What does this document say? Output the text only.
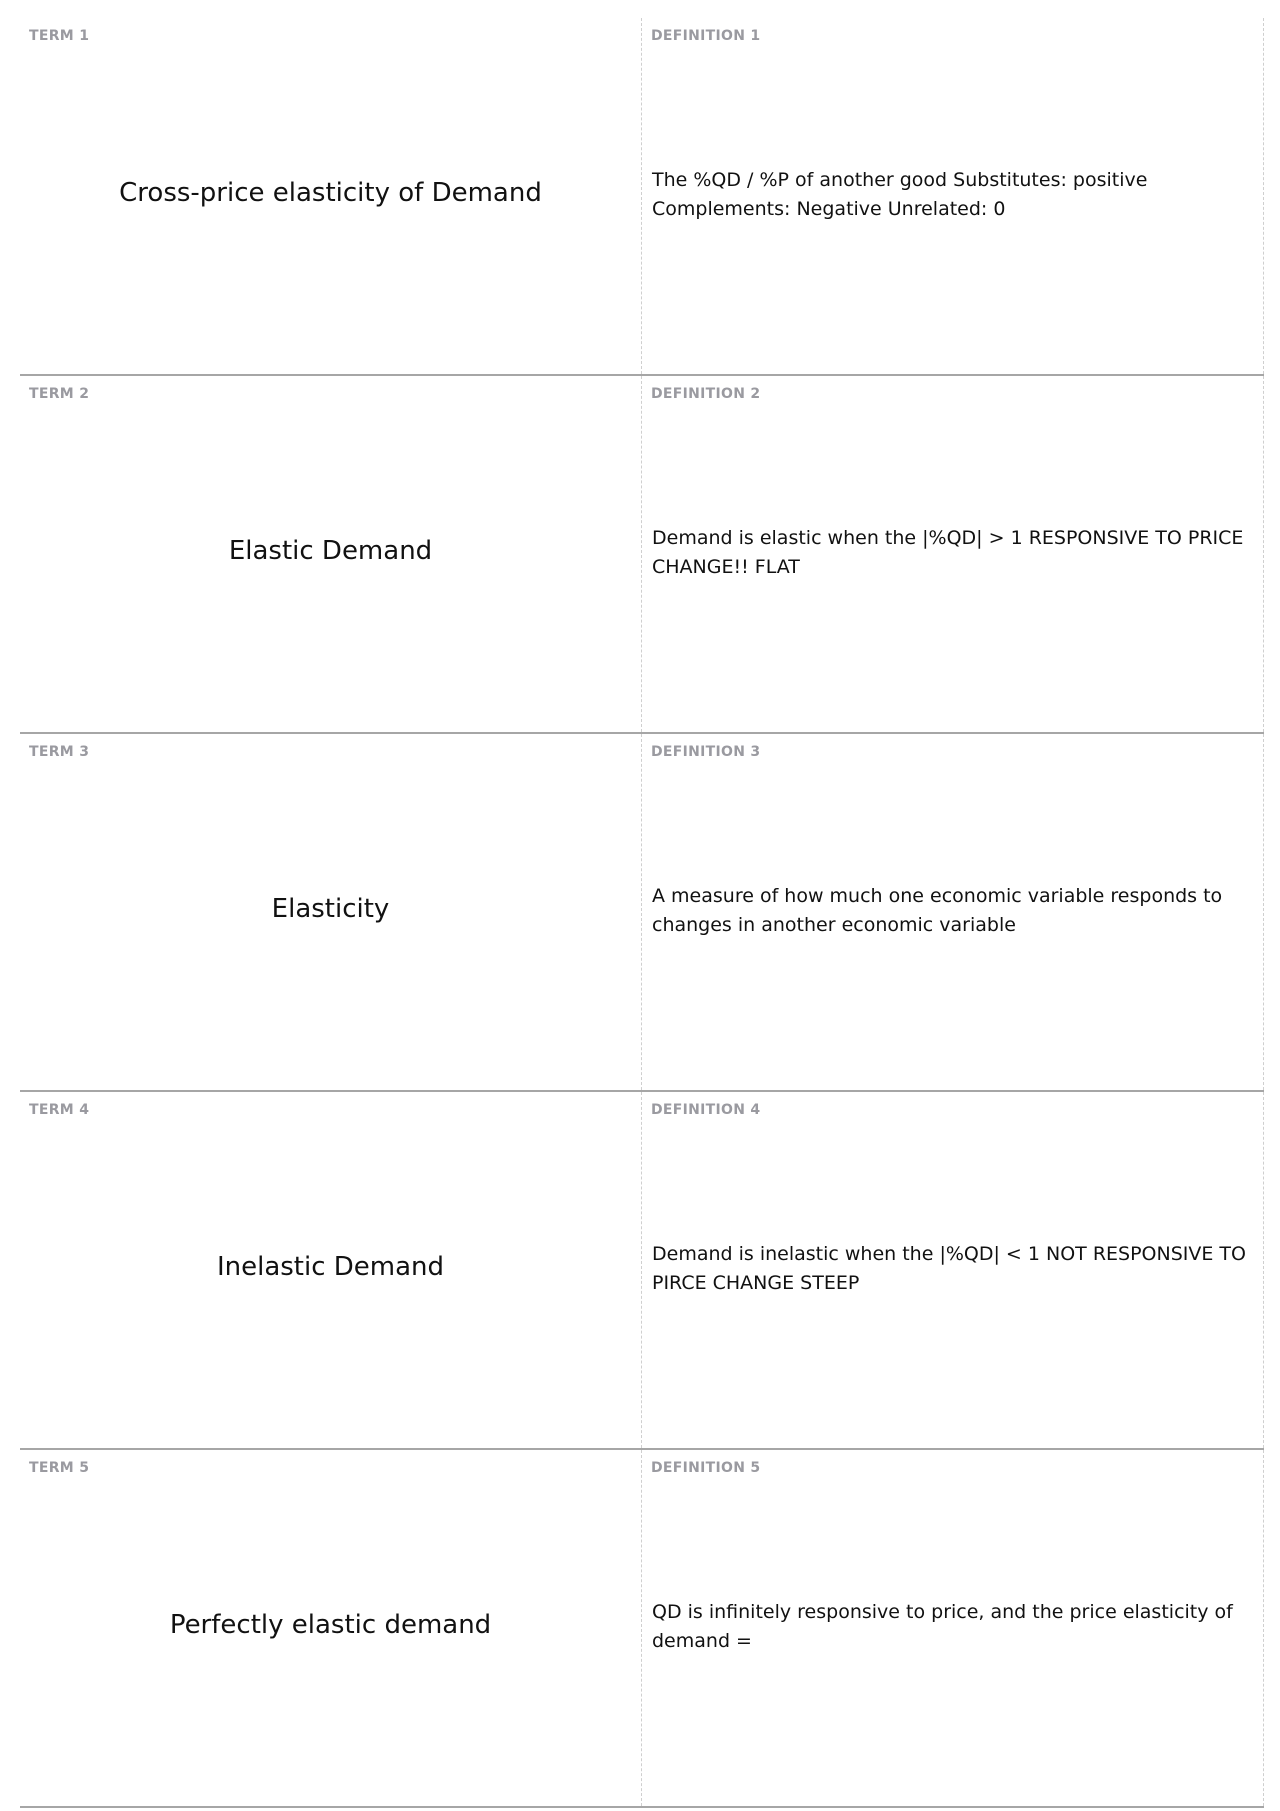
TERM 1
Cross-price elasticity of Demand
DEFINITION 1
The %QD / %P of another good Substitutes: positive Complements: Negative Unrelated: 0
TERM 2
Elastic Demand
DEFINITION 2
Demand is elastic when the |%QD| > 1 RESPONSIVE TO PRICE CHANGE!! FLAT
TERM 3
Elasticity
DEFINITION 3
A measure of how much one economic variable responds to changes in another economic variable
TERM 4
Inelastic Demand
DEFINITION 4
Demand is inelastic when the |%QD| < 1 NOT RESPONSIVE TO PIRCE CHANGE STEEP
TERM 5
Perfectly elastic demand
DEFINITION 5
QD is infinitely responsive to price, and the price elasticity of demand =
